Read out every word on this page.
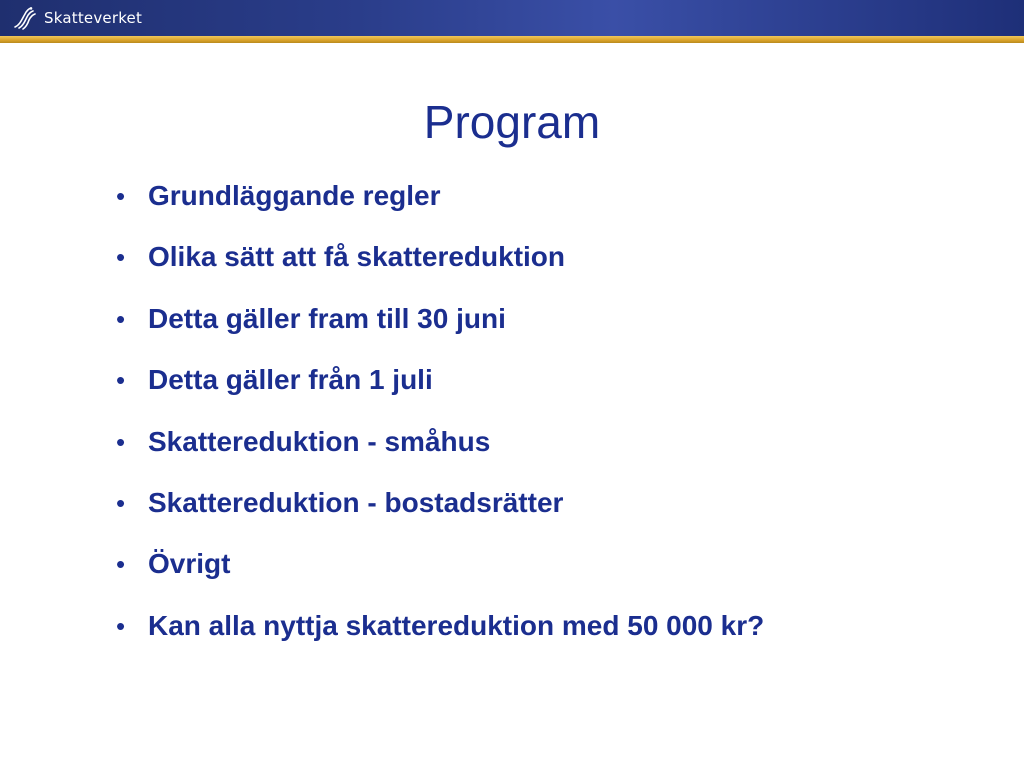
Skatteverket
Program
• Grundläggande regler
• Olika sätt att få skattereduktion
• Detta gäller fram till 30 juni
• Detta gäller från 1 juli
• Skattereduktion - småhus
• Skattereduktion - bostadsrätter
• Övrigt
• Kan alla nyttja skattereduktion med 50 000 kr?
